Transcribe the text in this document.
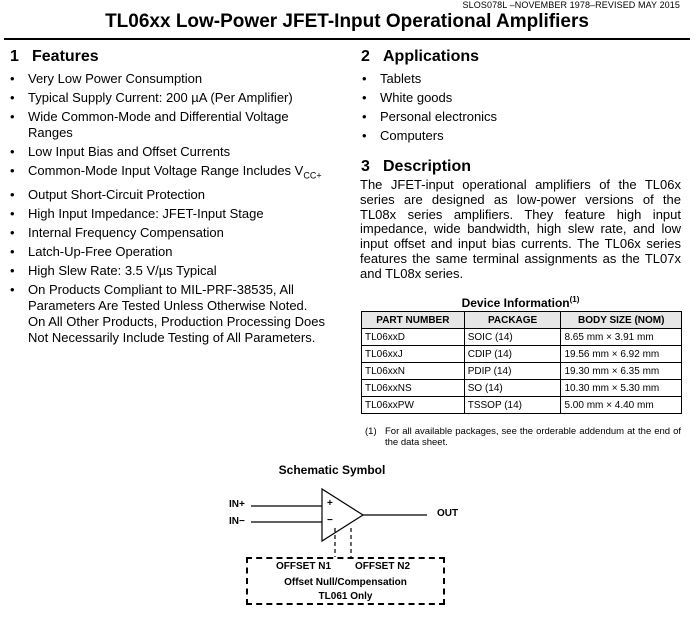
SLOS078L –NOVEMBER 1978–REVISED MAY 2015
TL06xx Low-Power JFET-Input Operational Amplifiers
1 Features
• Very Low Power Consumption
• Typical Supply Current: 200 µA (Per Amplifier)
• Wide Common-Mode and Differential Voltage Ranges
• Low Input Bias and Offset Currents
• Common-Mode Input Voltage Range Includes $V_{CC+}$
• Output Short-Circuit Protection
• High Input Impedance: JFET-Input Stage
• Internal Frequency Compensation
• Latch-Up-Free Operation
• High Slew Rate: 3.5 V/µs Typical
• On Products Compliant to MIL-PRF-38535, All Parameters Are Tested Unless Otherwise Noted. On All Other Products, Production Processing Does Not Necessarily Include Testing of All Parameters.
2 Applications
• Tablets
• White goods
• Personal electronics
• Computers
3 Description
The JFET-input operational amplifiers of the TL06x series are designed as low-power versions of the TL08x series amplifiers. They feature high input impedance, wide bandwidth, high slew rate, and low input offset and input bias currents. The TL06x series features the same terminal assignments as the TL07x and TL08x series.
Device Information$^{(1)}$
PART NUMBER	PACKAGE	BODY SIZE (NOM)
TL06xxD	SOIC (14)	8.65 mm × 3.91 mm
TL06xxJ	CDIP (14)	19.56 mm × 6.92 mm
TL06xxN	PDIP (14)	19.30 mm × 6.35 mm
TL06xxNS	SO (14)	10.30 mm × 5.30 mm
TL06xxPW	TSSOP (14)	5.00 mm × 4.40 mm
(1) For all available packages, see the orderable addendum at the end of the data sheet.
Schematic Symbol
IN+
IN−
+
−
OUT
OFFSET N1 OFFSET N2
Offset Null/Compensation
TL061 Only
